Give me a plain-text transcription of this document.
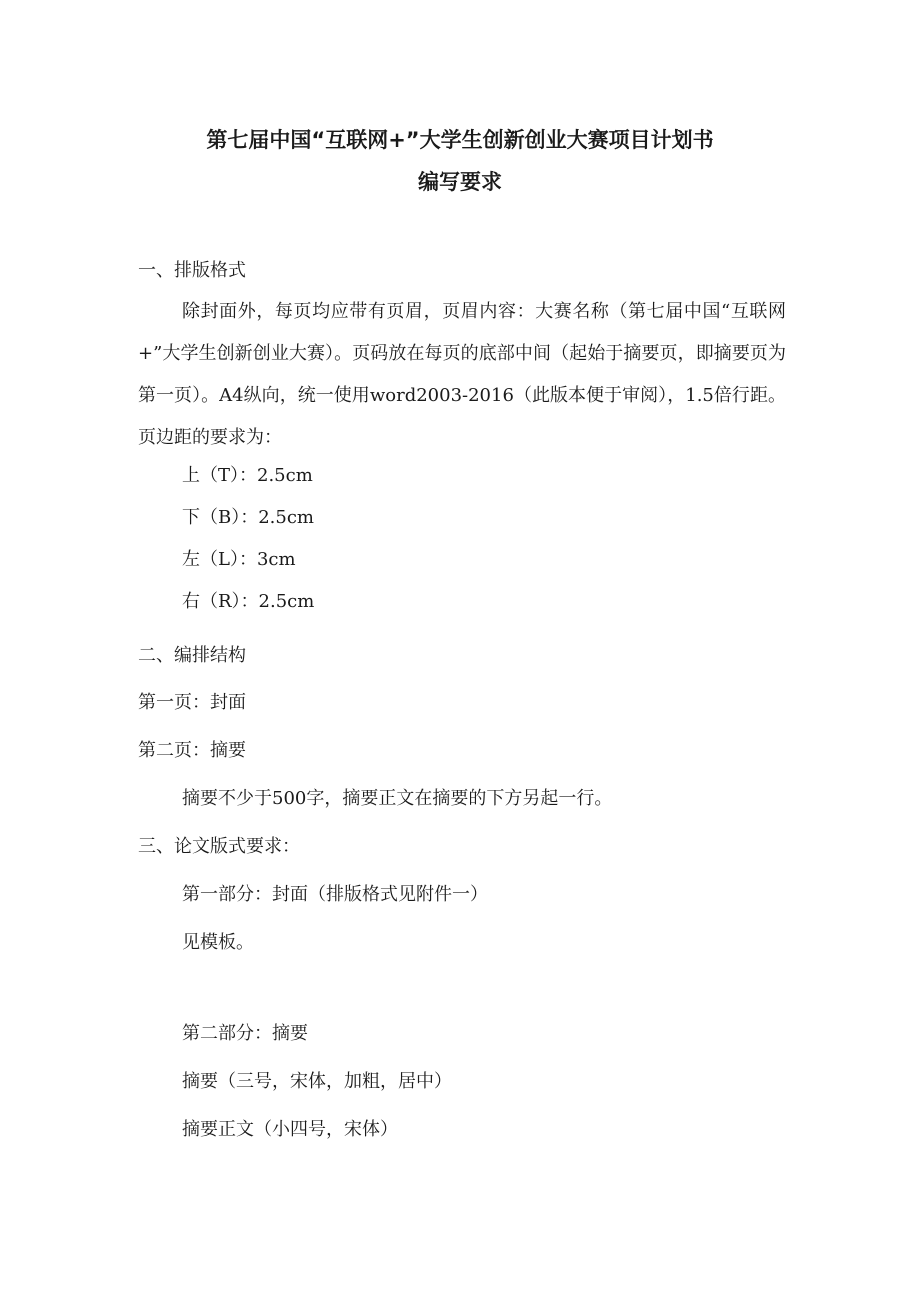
第七届中国“互联网+”大学生创新创业大赛项目计划书
编写要求
一、排版格式
除封面外，每页均应带有页眉，页眉内容：大赛名称（第七届中国“互联网+”大学生创新创业大赛）。页码放在每页的底部中间（起始于摘要页，即摘要页为第一页）。A4纵向，统一使用word2003-2016（此版本便于审阅），1.5倍行距。页边距的要求为：
上（T）：2.5cm
下（B）：2.5cm
左（L）：3cm
右（R）：2.5cm
二、编排结构
第一页：封面
第二页：摘要
摘要不少于500字，摘要正文在摘要的下方另起一行。
三、论文版式要求：
第一部分：封面（排版格式见附件一）
见模板。
第二部分：摘要
摘要（三号，宋体，加粗，居中）
摘要正文（小四号，宋体）
